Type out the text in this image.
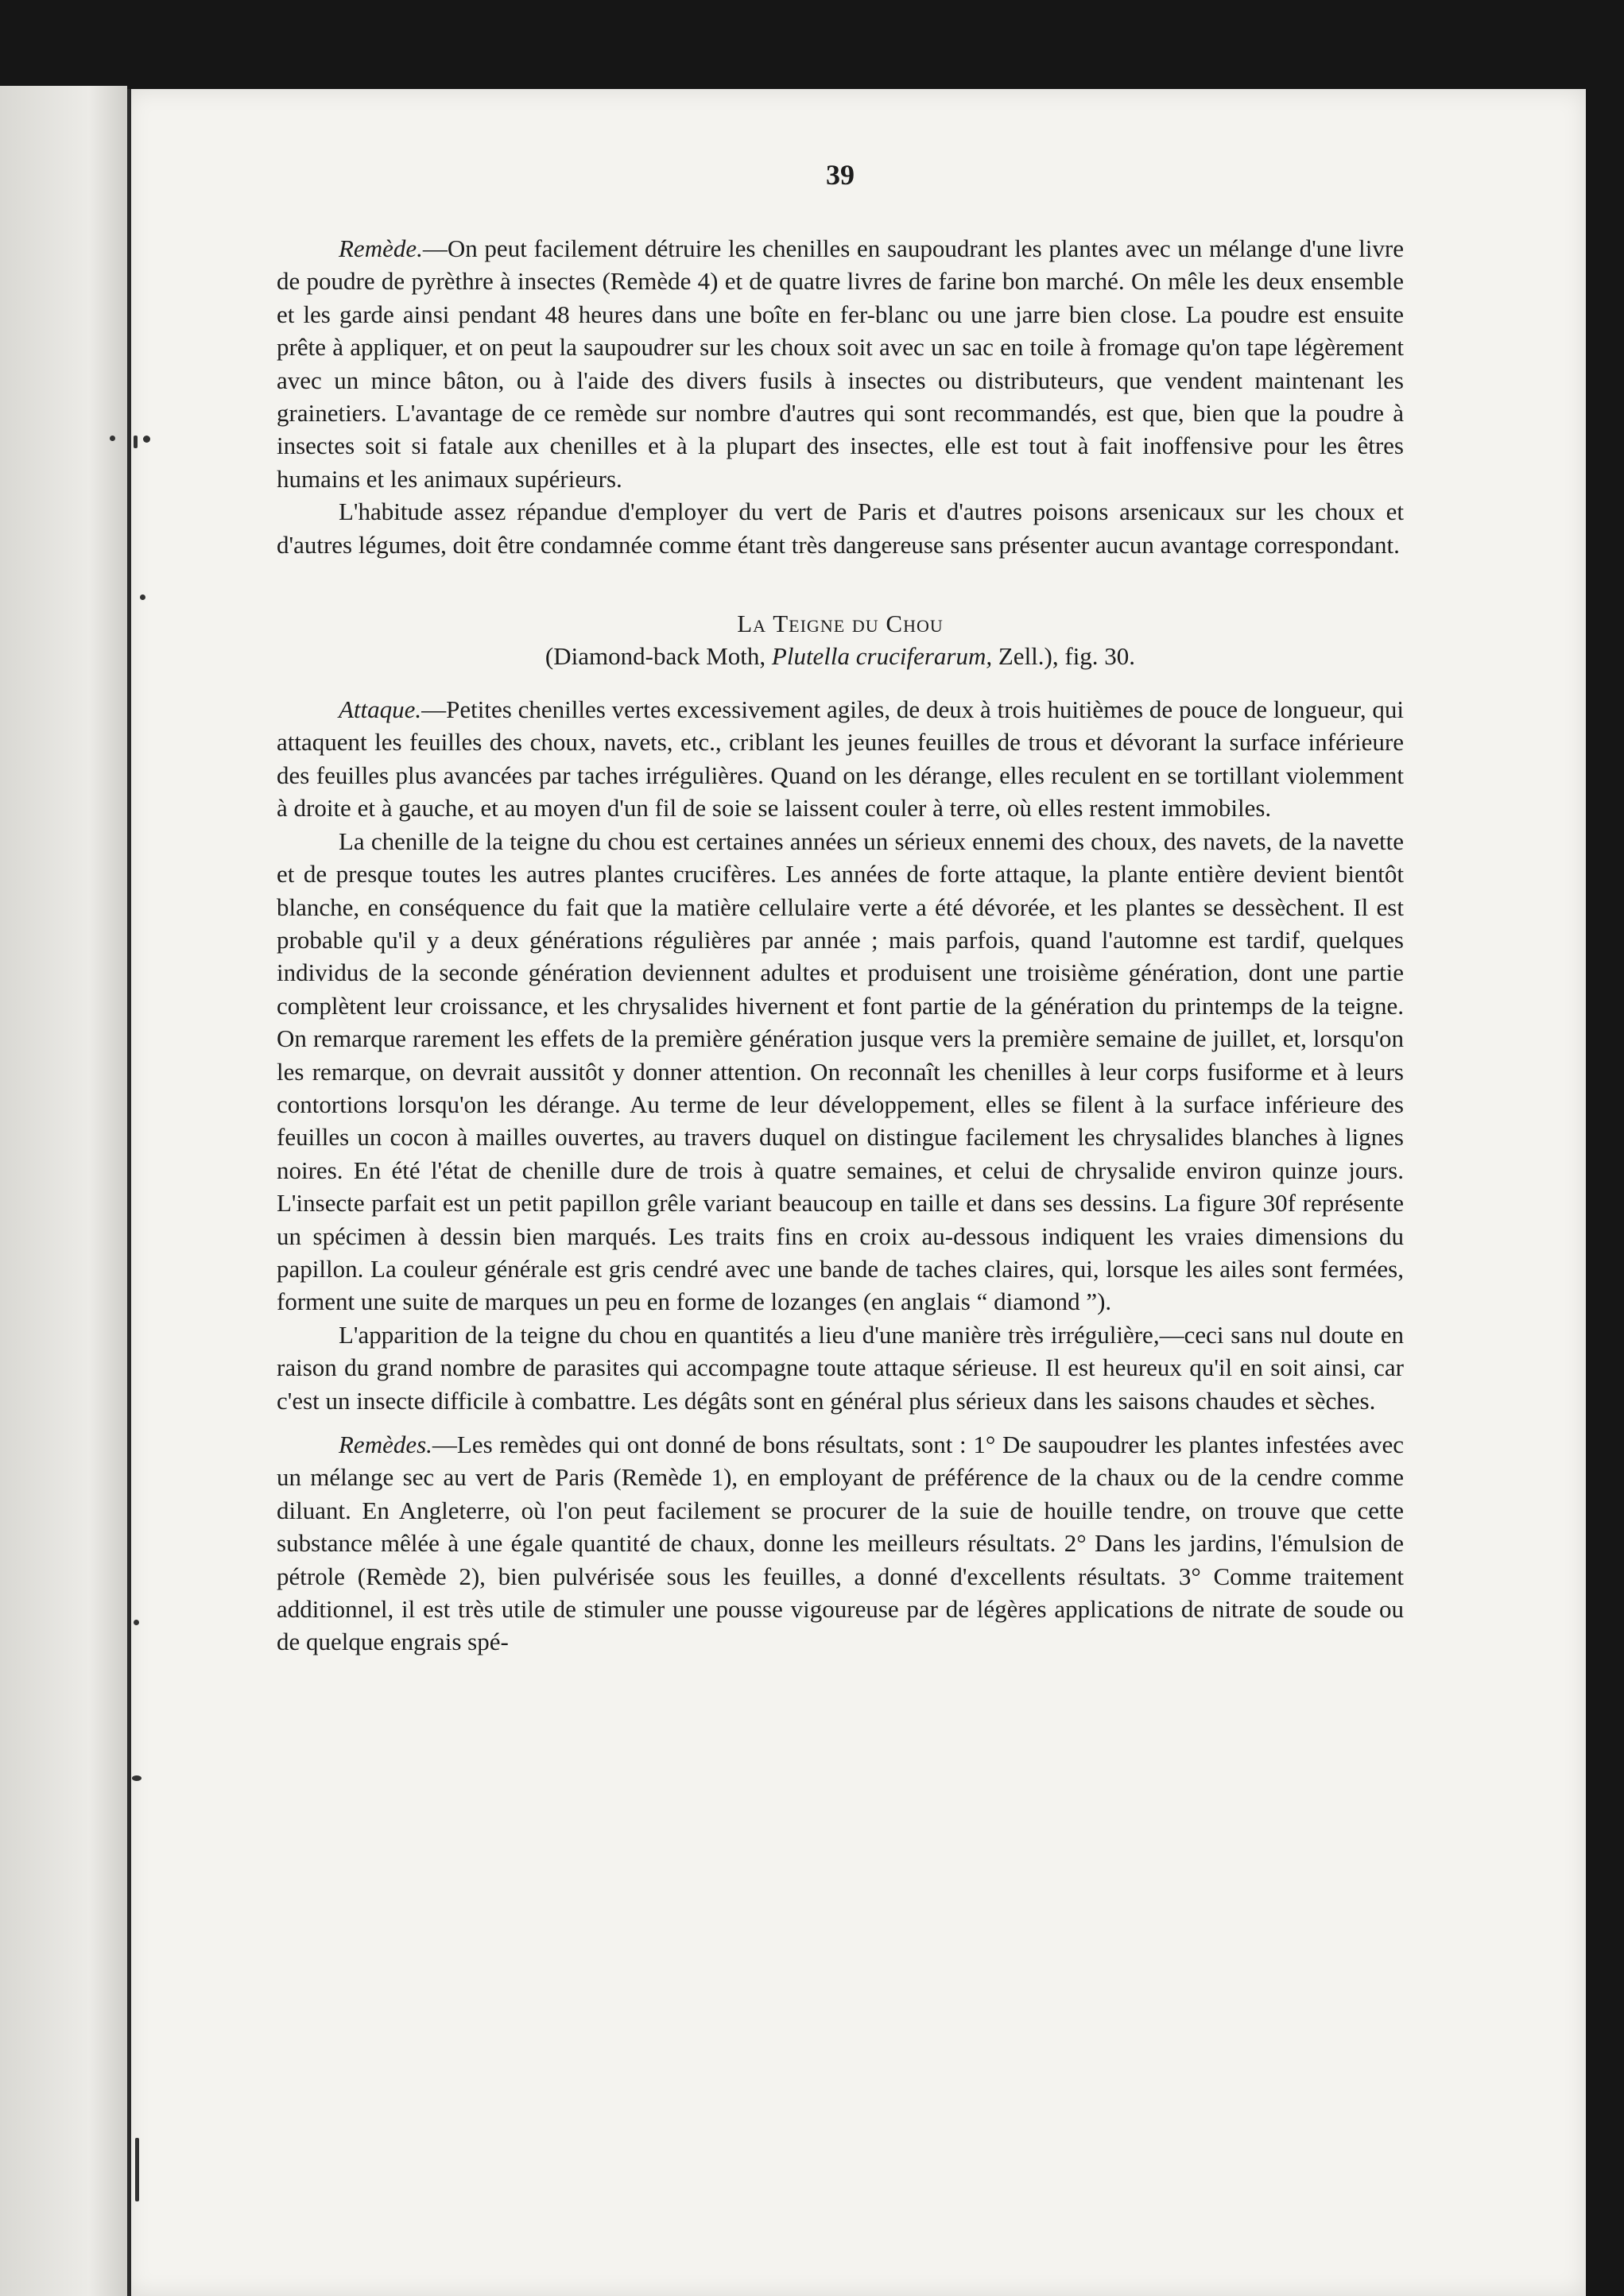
39

Remède.—On peut facilement détruire les chenilles en saupoudrant les plantes avec un mélange d'une livre de poudre de pyrèthre à insectes (Remède 4) et de quatre livres de farine bon marché. On mêle les deux ensemble et les garde ainsi pendant 48 heures dans une boîte en fer-blanc ou une jarre bien close. La poudre est ensuite prête à appliquer, et on peut la saupoudrer sur les choux soit avec un sac en toile à fromage qu'on tape légèrement avec un mince bâton, ou à l'aide des divers fusils à insectes ou distributeurs, que vendent maintenant les grainetiers. L'avantage de ce remède sur nombre d'autres qui sont recommandés, est que, bien que la poudre à insectes soit si fatale aux chenilles et à la plupart des insectes, elle est tout à fait inoffensive pour les êtres humains et les animaux supérieurs.

L'habitude assez répandue d'employer du vert de Paris et d'autres poisons arsenicaux sur les choux et d'autres légumes, doit être condamnée comme étant très dangereuse sans présenter aucun avantage correspondant.

La Teigne du Chou
(Diamond-back Moth, Plutella cruciferarum, Zell.), fig. 30.

Attaque.—Petites chenilles vertes excessivement agiles, de deux à trois huitièmes de pouce de longueur, qui attaquent les feuilles des choux, navets, etc., criblant les jeunes feuilles de trous et dévorant la surface inférieure des feuilles plus avancées par taches irrégulières. Quand on les dérange, elles reculent en se tortillant violemment à droite et à gauche, et au moyen d'un fil de soie se laissent couler à terre, où elles restent immobiles.

La chenille de la teigne du chou est certaines années un sérieux ennemi des choux, des navets, de la navette et de presque toutes les autres plantes crucifères. Les années de forte attaque, la plante entière devient bientôt blanche, en conséquence du fait que la matière cellulaire verte a été dévorée, et les plantes se dessèchent. Il est probable qu'il y a deux générations régulières par année ; mais parfois, quand l'automne est tardif, quelques individus de la seconde génération deviennent adultes et produisent une troisième génération, dont une partie complètent leur croissance, et les chrysalides hivernent et font partie de la génération du printemps de la teigne. On remarque rarement les effets de la première génération jusque vers la première semaine de juillet, et, lorsqu'on les remarque, on devrait aussitôt y donner attention. On reconnaît les chenilles à leur corps fusiforme et à leurs contortions lorsqu'on les dérange. Au terme de leur développement, elles se filent à la surface inférieure des feuilles un cocon à mailles ouvertes, au travers duquel on distingue facilement les chrysalides blanches à lignes noires. En été l'état de chenille dure de trois à quatre semaines, et celui de chrysalide environ quinze jours. L'insecte parfait est un petit papillon grêle variant beaucoup en taille et dans ses dessins. La figure 30f représente un spécimen à dessin bien marqués. Les traits fins en croix au-dessous indiquent les vraies dimensions du papillon. La couleur générale est gris cendré avec une bande de taches claires, qui, lorsque les ailes sont fermées, forment une suite de marques un peu en forme de lozanges (en anglais “ diamond ”).

L'apparition de la teigne du chou en quantités a lieu d'une manière très irrégulière,—ceci sans nul doute en raison du grand nombre de parasites qui accompagne toute attaque sérieuse. Il est heureux qu'il en soit ainsi, car c'est un insecte difficile à combattre. Les dégâts sont en général plus sérieux dans les saisons chaudes et sèches.

Remèdes.—Les remèdes qui ont donné de bons résultats, sont : 1° De saupoudrer les plantes infestées avec un mélange sec au vert de Paris (Remède 1), en employant de préférence de la chaux ou de la cendre comme diluant. En Angleterre, où l'on peut facilement se procurer de la suie de houille tendre, on trouve que cette substance mêlée à une égale quantité de chaux, donne les meilleurs résultats. 2° Dans les jardins, l'émulsion de pétrole (Remède 2), bien pulvérisée sous les feuilles, a donné d'excellents résultats. 3° Comme traitement additionnel, il est très utile de stimuler une pousse vigoureuse par de légères applications de nitrate de soude ou de quelque engrais spé-
